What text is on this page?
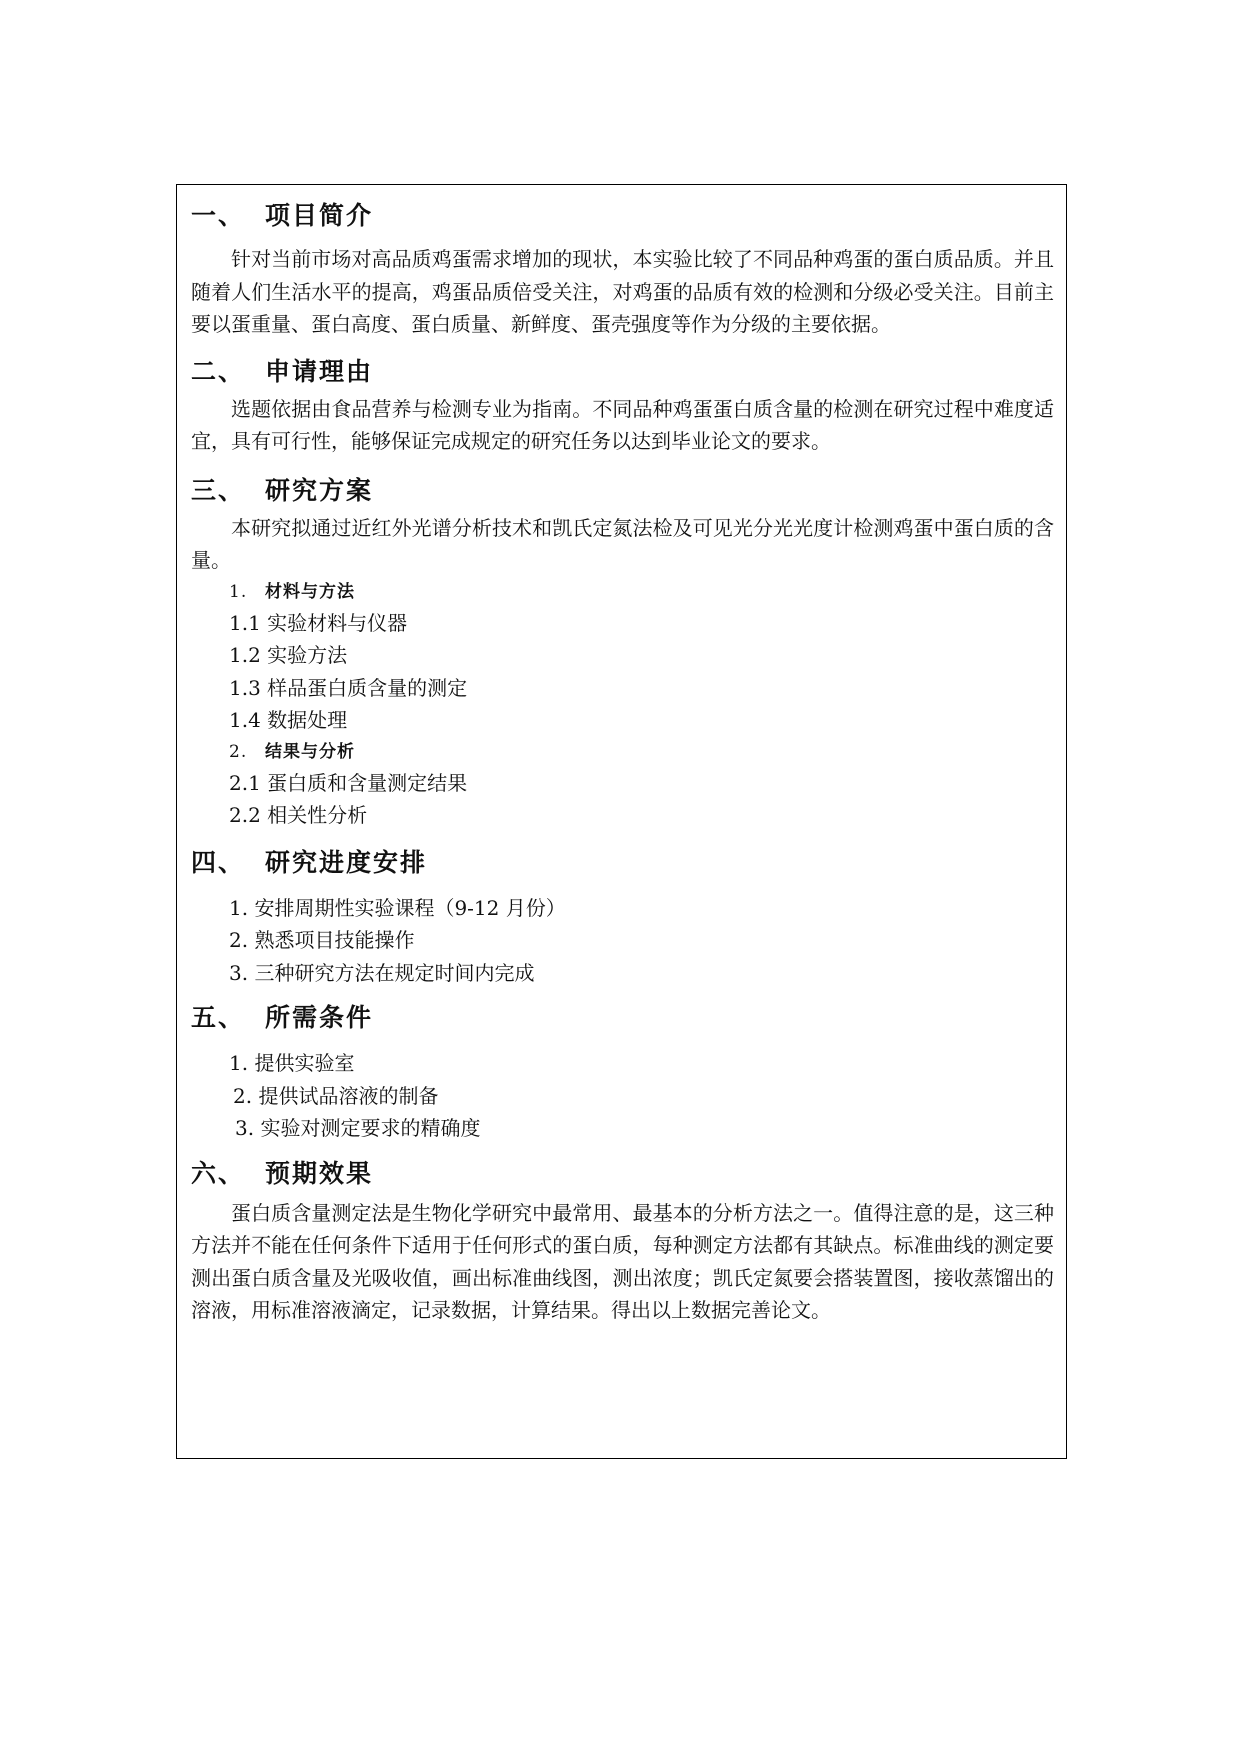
一、 项目简介

针对当前市场对高品质鸡蛋需求增加的现状，本实验比较了不同品种鸡蛋的蛋白质品质。并且随着人们生活水平的提高，鸡蛋品质倍受关注，对鸡蛋的品质有效的检测和分级必受关注。目前主要以蛋重量、蛋白高度、蛋白质量、新鲜度、蛋壳强度等作为分级的主要依据。

二、 申请理由

选题依据由食品营养与检测专业为指南。不同品种鸡蛋蛋白质含量的检测在研究过程中难度适宜，具有可行性，能够保证完成规定的研究任务以达到毕业论文的要求。

三、 研究方案

本研究拟通过近红外光谱分析技术和凯氏定氮法检及可见光分光光度计检测鸡蛋中蛋白质的含量。

1. 材料与方法
1.1 实验材料与仪器
1.2 实验方法
1.3 样品蛋白质含量的测定
1.4 数据处理
2. 结果与分析
2.1 蛋白质和含量测定结果
2.2 相关性分析
四、 研究进度安排
1. 安排周期性实验课程（9-12 月份）
2. 熟悉项目技能操作
3. 三种研究方法在规定时间内完成
五、 所需条件
1. 提供实验室
2. 提供试品溶液的制备
3. 实验对测定要求的精确度
六、 预期效果

蛋白质含量测定法是生物化学研究中最常用、最基本的分析方法之一。值得注意的是，这三种方法并不能在任何条件下适用于任何形式的蛋白质，每种测定方法都有其缺点。标准曲线的测定要测出蛋白质含量及光吸收值，画出标准曲线图，测出浓度；凯氏定氮要会搭装置图，接收蒸馏出的溶液，用标准溶液滴定，记录数据，计算结果。得出以上数据完善论文。
